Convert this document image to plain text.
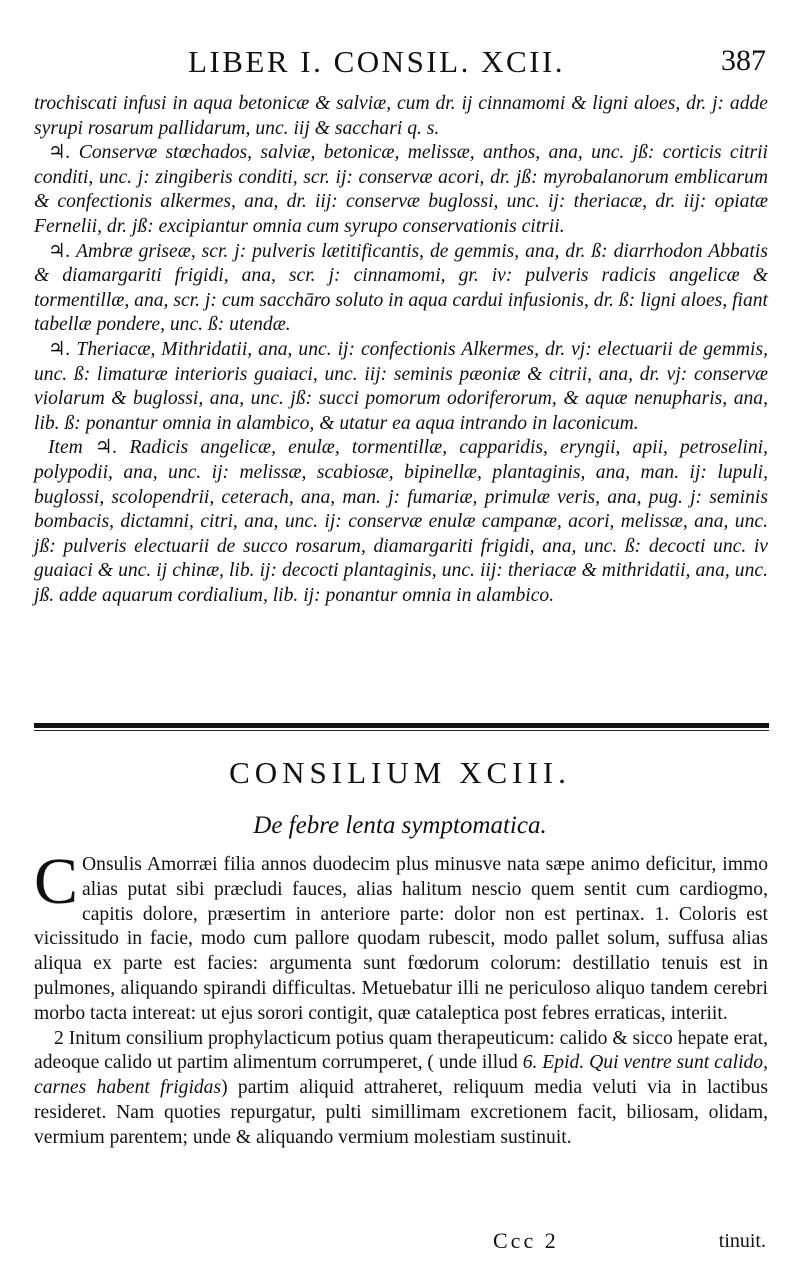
LIBER I. CONSIL. XCII.	387

trochiscati infusi in aqua betonicæ & salviæ, cum dr. ij cinnamomi & ligni aloes, dr. j: adde syrupi rosarum pallidarum, unc. iij & sacchari q. s.

♃. Conservæ stœchados, salviæ, betonicæ, melissæ, anthos, ana, unc. jß: corticis citrii conditi, unc. j: zingiberis conditi, scr. ij: conservæ acori, dr. jß: myrobalanorum emblicarum & confectionis alkermes, ana, dr. iij: conservæ buglossi, unc. ij: theriacæ, dr. iij: opiatæ Fernelii, dr. jß: excipiantur omnia cum syrupo conservationis citrii.

♃. Ambræ griseæ, scr. j: pulveris lætitificantis, de gemmis, ana, dr. ß: diarrhodon Abbatis & diamargariti frigidi, ana, scr. j: cinnamomi, gr. iv: pulveris radicis angelicæ & tormentillæ, ana, scr. j: cum sacchāro soluto in aqua cardui infusionis, dr. ß: ligni aloes, fiant tabellæ pondere, unc. ß: utendæ.

♃. Theriacæ, Mithridatii, ana, unc. ij: confectionis Alkermes, dr. vj: electuarii de gemmis, unc. ß: limaturæ interioris guaiaci, unc. iij: seminis pæoniæ & citrii, ana, dr. vj: conservæ violarum & buglossi, ana, unc. jß: succi pomorum odoriferorum, & aquæ nenupharis, ana, lib. ß: ponantur omnia in alambico, & utatur ea aqua intrando in laconicum.

Item ♃. Radicis angelicæ, enulæ, tormentillæ, capparidis, eryngii, apii, petroselini, polypodii, ana, unc. ij: melissæ, scabiosæ, bipinellæ, plantaginis, ana, man. ij: lupuli, buglossi, scolopendrii, ceterach, ana, man. j: fumariæ, primulæ veris, ana, pug. j: seminis bombacis, dictamni, citri, ana, unc. ij: conservæ enulæ campanæ, acori, melissæ, ana, unc. jß: pulveris electuarii de succo rosarum, diamargariti frigidi, ana, unc. ß: decocti unc. iv guaiaci & unc. ij chinæ, lib. ij: decocti plantaginis, unc. iij: theriacæ & mithridatii, ana, unc. jß. adde aquarum cordialium, lib. ij: ponantur omnia in alambico.

CONSILIUM XCIII.
De febre lenta symptomatica.

C Onsulis Amorræi filia annos duodecim plus minusve nata sæpe animo deficitur, immo alias putat sibi præcludi fauces, alias halitum nescio quem sentit cum cardiogmo, capitis dolore, præsertim in anteriore parte: dolor non est pertinax. 1. Coloris est vicissitudo in facie, modo cum pallore quodam rubescit, modo pallet solum, suffusa alias aliqua ex parte est facies: argumenta sunt fœdorum colorum: destillatio tenuis est in pulmones, aliquando spirandi difficultas. Metuebatur illi ne periculoso aliquo tandem cerebri morbo tacta intereat: ut ejus sorori contigit, quæ cataleptica post febres erraticas, interiit.

2 Initum consilium prophylacticum potius quam therapeuticum: calido & sicco hepate erat, adeoque calido ut partim alimentum corrumperet, ( unde illud 6. Epid. Qui ventre sunt calido, carnes habent frigidas) partim aliquid attraheret, reliquum media veluti via in lactibus resideret. Nam quoties repurgatur, pulti simillimam excretionem facit, biliosam, olidam, vermium parentem; unde & aliquando vermium molestiam sustinuit.

Ccc 2	tinuit.
